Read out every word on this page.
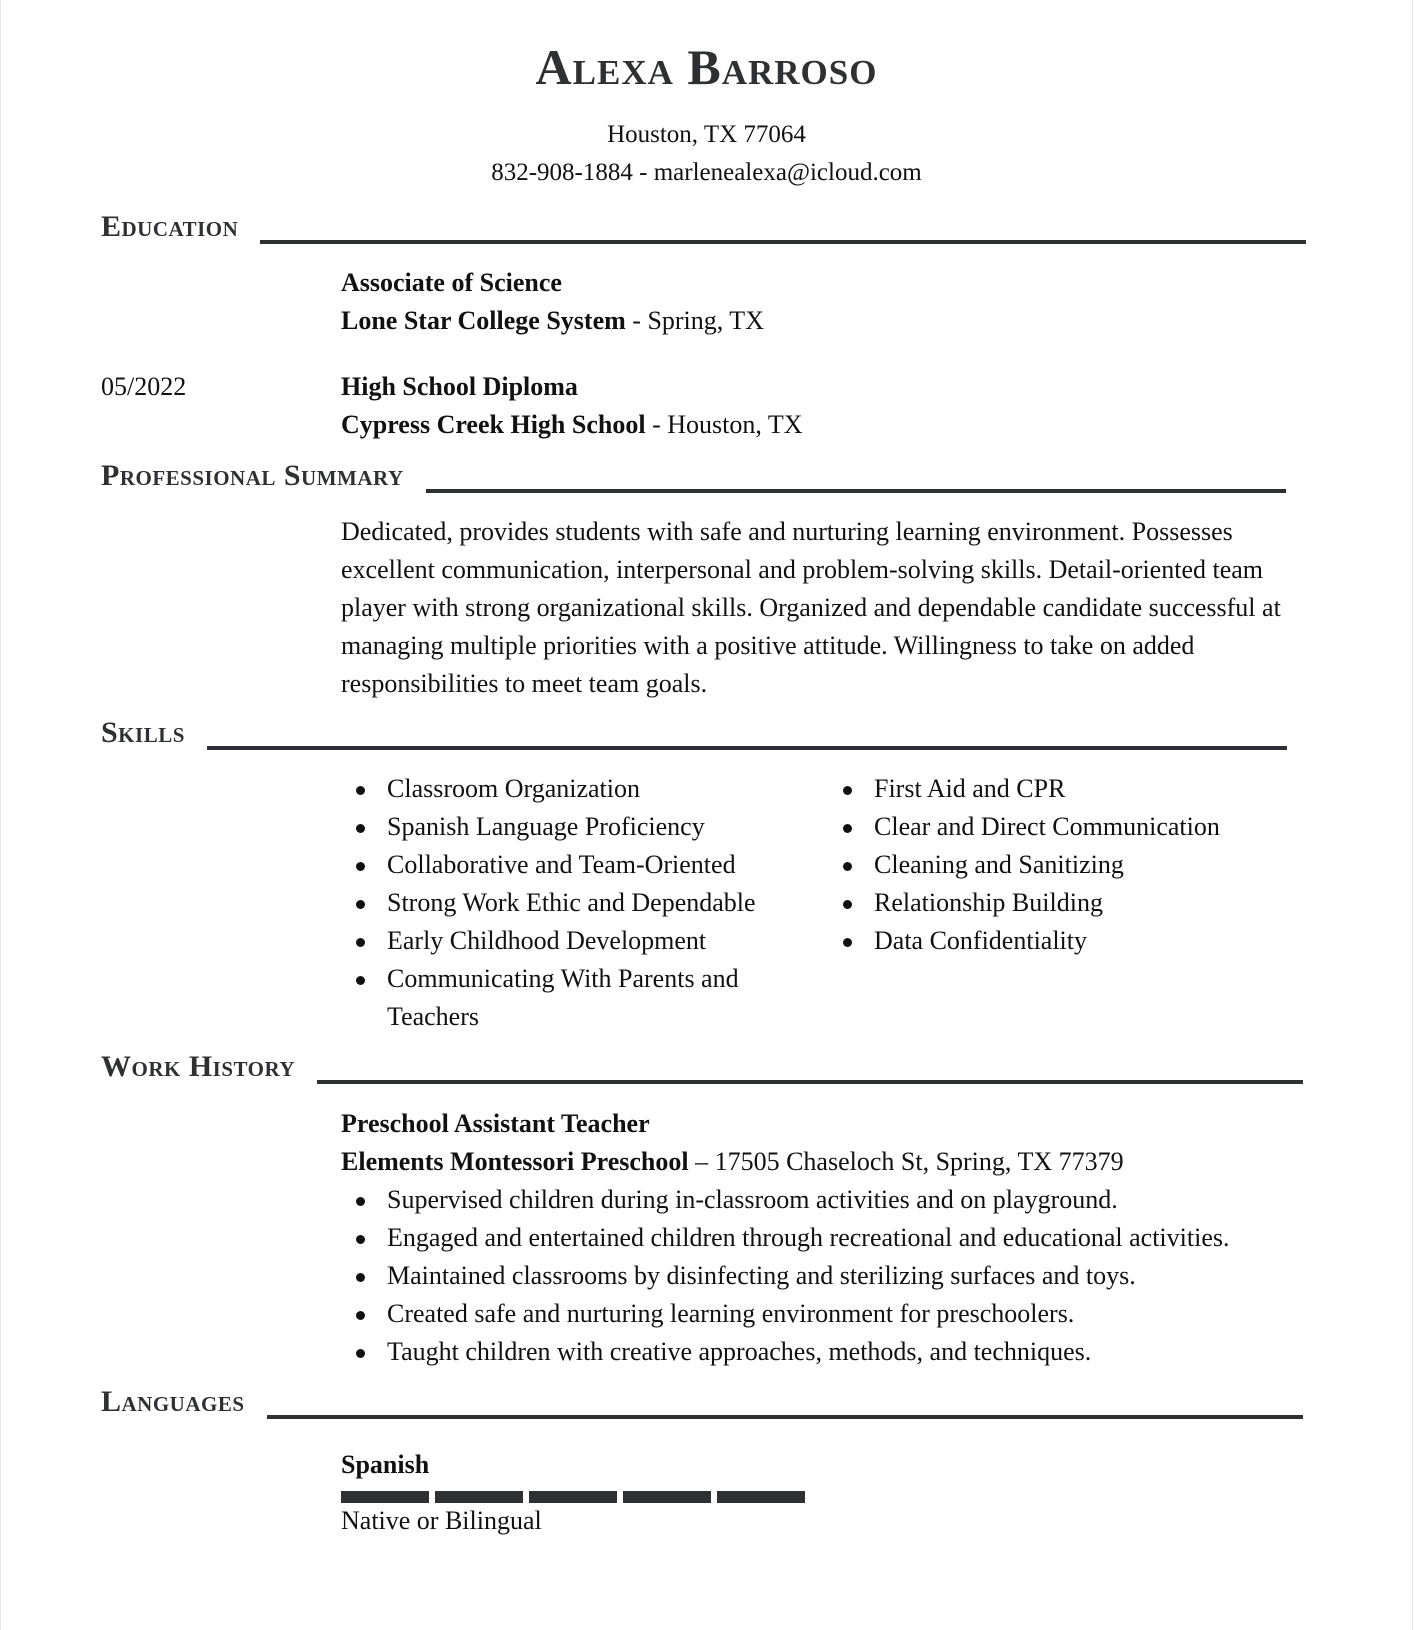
Alexa Barroso
Houston, TX 77064
832-908-1884 - marlenealexa@icloud.com
Education
Associate of Science
Lone Star College System - Spring, TX
05/2022	High School Diploma
Cypress Creek High School - Houston, TX
Professional Summary
Dedicated, provides students with safe and nurturing learning environment. Possesses excellent communication, interpersonal and problem-solving skills. Detail-oriented team player with strong organizational skills. Organized and dependable candidate successful at managing multiple priorities with a positive attitude. Willingness to take on added responsibilities to meet team goals.
Skills
Classroom Organization
Spanish Language Proficiency
Collaborative and Team-Oriented
Strong Work Ethic and Dependable
Early Childhood Development
Communicating With Parents and Teachers
First Aid and CPR
Clear and Direct Communication
Cleaning and Sanitizing
Relationship Building
Data Confidentiality
Work History
Preschool Assistant Teacher
Elements Montessori Preschool – 17505 Chaseloch St, Spring, TX 77379
Supervised children during in-classroom activities and on playground.
Engaged and entertained children through recreational and educational activities.
Maintained classrooms by disinfecting and sterilizing surfaces and toys.
Created safe and nurturing learning environment for preschoolers.
Taught children with creative approaches, methods, and techniques.
Languages
Spanish
Native or Bilingual
